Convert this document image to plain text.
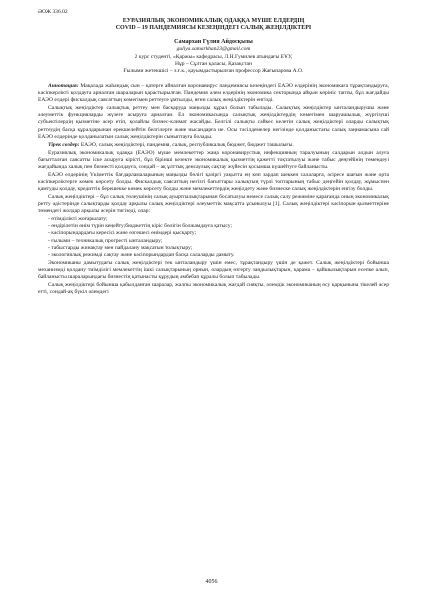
ӘОЖ 336.02
ЕУРАЗИЯЛЫҚ ЭКОНОМИКАЛЫҚ ОДАҚҚА МҮШЕ ЕЛДЕРДІҢ
COVID – 19 ПАНДЕМИЯСЫ КЕЗЕҢІНДЕГІ САЛЫҚ ЖЕҢІЛДІКТЕРІ
Самархан Гүлия Айдосқызы
guliya.samarkhan23@gmail.com
2 курс студенті, «Қаржы» кафедрасы, Л.Н.Гумилев атындағы ЕҰУ,
Нұр – Сұлтан қаласы, Қазақстан
Ғылыми жетекшісі – э.ғ.к., қауымдастырылған профессор Жағыпарова А.О.

Аннотация: Мақалада жаһандық сын – қатерге айналған коронавирус пандемиясы кезеңіндегі ЕАЭО елдерінің экономикаға тұрақтандыруға, кәсіпкерлікті қолдауға арналған шараларын қарастырылған. Пандемия әлем елдерінің экономика секторында айқын көрініс тапты, бұл жағдайды ЕАЭО елдері фискалдық саясаттың көмегімен реттеуге ұмтылды, яғни салық жеңілдіктерін енгізді.

Салықтық жеңілдіктер салықтық реттеу мен басқаруда маңызды құрал болып табылады. Салықтық жеңілдіктер ынталандырушы және әлеуметтік функцияларды жүзеге асыруға арналған. Ел экономикасында салықтық жеңілдіктердің көмегімен шаруашылық жүргізуші субъектілердің қызметіне әсер етіп, қолайлы бизнес-климат жасайды. Белгілі салықты сәйкес келетін салық жеңілдіктері оларды салықтық реттеудің басқа құралдарынан ерекшелейтін белгілерге және нысандарға ие. Осы тәсілдемелер негізінде қолданыстағы салық заңнамасына сай ЕАЭО елдерінде қолданылатын салық жеңілдіктерін сыныптауға болады.

Тірек сөздер: ЕАЭО, салық жеңілдіктері, пандемия, салық, республикалық бюджет, бюджет ташылығы.

Еуразиялық экономикалық одаққа (ЕАЭО) мүше мемлекеттер жаңа коронавирустық инфекцияның таралуының салдарын алдын алуға бағытталған саясатты іске асыруға кірісті, бұл бірінші кезекте экономикалық қызметтің қажетті тоқтатылуы және табыс деңгейінің төмендеуі жағдайында халық пен бизнесті қолдауға, сондай – ақ ұлттық денсаулық сақтау жүйесін қосымша күшейтуге байланысты.

ЕАЭО елдерінің Үкіметтік бағдарламаларының маңызды бөлігі қазіргі уақытта ең көп зардап шеккен салаларға, әсіресе шағын және орта кәсіпкерліктерге көмек көрсету болды. Фискалдық саясаттың негізгі бағыттары халықтың түрлі топтарының табыс деңгейін қолдау, жұмыспен қамтуды қолдау, кредиттік берешекке көмек көрсету болды және мемлекеттердің жеңілдету және бизнеске салық жеңілдіктерін енгізу болды.

Салық жеңілдіктері – бұл салық төлеушінің салық ауыртпалықтарынан босатылуы немесе салық салу режиміне қарағанда оның экономикалық ретту әдістерінде салықтарды қолдау арқылы салық жеңілдіктері әлеуметтік мақсатта ұсынылуы [1]. Салық жеңілдіктері кәсіпорын қызметтеріне төмендегі жолдар арқылы әсерін тигізеді, олар:

- өтімділікті жоғарылату;
- өндірілетін өнім түрін кеңейту;бюджеттің кіріс бөлігін болжамдауға қатысу;
- кәсіпорындардағы кересісі және өзгешесі өнімдері қысқарту;
- ғылыми – техникалық прогресті ынталандыру;
- табыстарды жинақтау мен пайдалану мақсатын толықтыру;
- экологиялық режимді сақтау және кәсіпорындардан басқа салаларды дамыту.

Экономиканы дамытудағы салық жеңілдіктері тек ынталандыру үшін емес, тұрақтандыру үшін де қажет. Салық жеңілдіктері бойынша механизмді қолдану тиімділігі мемлекеттің ішкі салықтарының орнын, олардың өзгерту заңдылықтарын, қарама – қайшылықтарын есепке алып, байланысты шараларындағы бизнестің қатынасты құрудың әмбебап құралы болып табылады.

Салық жеңілдіктері бойынша қабылданған шаралар, жалпы экономикалық жағдай сияқты, әлемдік экономиканың өсу қарқынына тікелей әсер етті, сондай-ақ бүкіл әлемдегі

4056
